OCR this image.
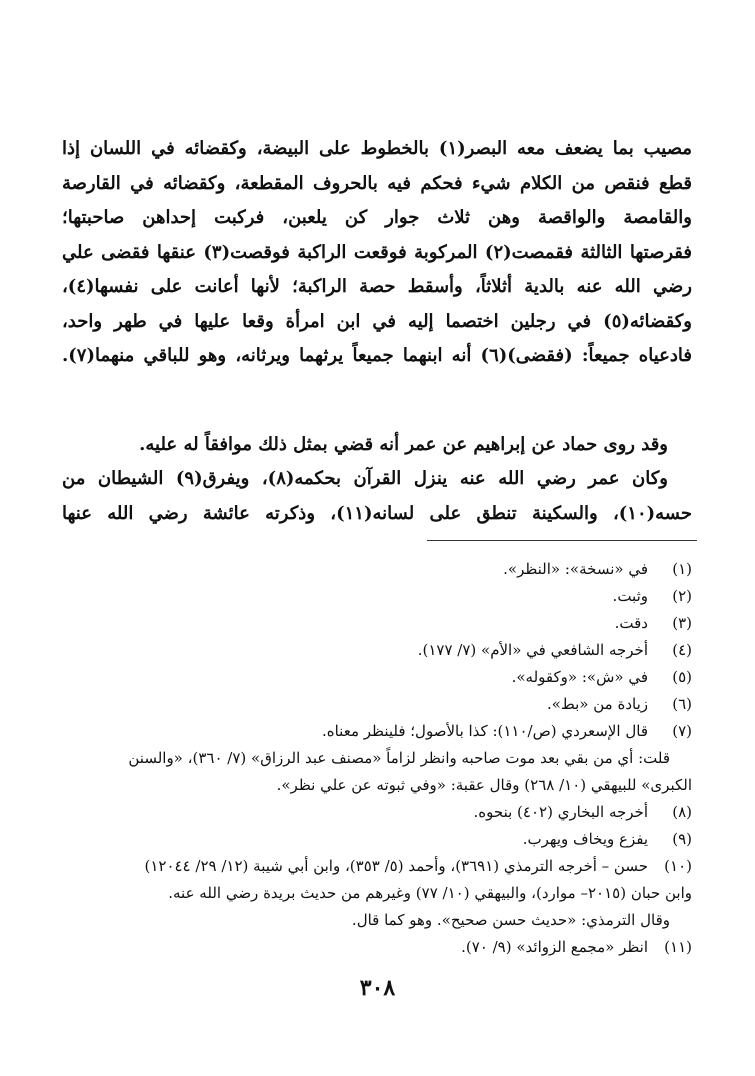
مصيب بما يضعف معه البصر(١) بالخطوط على البيضة، وكقضائه في اللسان إذا
قطع فنقص من الكلام شيء فحكم فيه بالحروف المقطعة، وكقضائه في القارصة
والقامصة والواقصة وهن ثلاث جوار كن يلعبن، فركبت إحداهن صاحبتها؛
فقرصتها الثالثة فقمصت(٢) المركوبة فوقعت الراكبة فوقصت(٣) عنقها فقضى علي
رضي الله عنه بالدية أثلاثاً، وأسقط حصة الراكبة؛ لأنها أعانت على نفسها(٤)،
وكقضائه(٥) في رجلين اختصما إليه في ابن امرأة وقعا عليها في طهر واحد،
فادعياه جميعاً: (فقضى)(٦) أنه ابنهما جميعاً يرثهما ويرثانه، وهو للباقي منهما(٧).
وقد روى حماد عن إبراهيم عن عمر أنه قضي بمثل ذلك موافقاً له عليه.
وكان عمر رضي الله عنه ينزل القرآن بحكمه(٨)، ويفرق(٩) الشيطان من
حسه(١٠)، والسكينة تنطق على لسانه(١١)، وذكرته عائشة رضي الله عنها
(١)
في «نسخة»: «النظر».
(٢)
وثبت.
(٣)
دقت.
(٤)
أخرجه الشافعي في «الأم» (٧/ ١٧٧).
(٥)
في «ش»: «وكقوله».
(٦)
زيادة من «بط».
(٧)
قال الإسعردي (ص/١١٠): كذا بالأصول؛ فلينظر معناه.
قلت: أي من بقي بعد موت صاحبه وانظر لزاماً «مصنف عبد الرزاق» (٧/ ٣٦٠)، «والسنن
الكبرى» للبيهقي (١٠/ ٢٦٨) وقال عقبة: «وفي ثبوته عن علي نظر».
(٨)
أخرجه البخاري (٤٠٢) بنحوه.
(٩)
يفزع ويخاف ويهرب.
(١٠)
حسن – أخرجه الترمذي (٣٦٩١)، وأحمد (٥/ ٣٥٣)، وابن أبي شيبة (١٢/ ٢٩/ ١٢٠٤٤)
وابن حبان (٢٠١٥– موارد)، والبيهقي (١٠/ ٧٧) وغيرهم من حديث بريدة رضي الله عنه.
وقال الترمذي: «حديث حسن صحيح». وهو كما قال.
(١١)
انظر «مجمع الزوائد» (٩/ ٧٠).
٣٠٨
